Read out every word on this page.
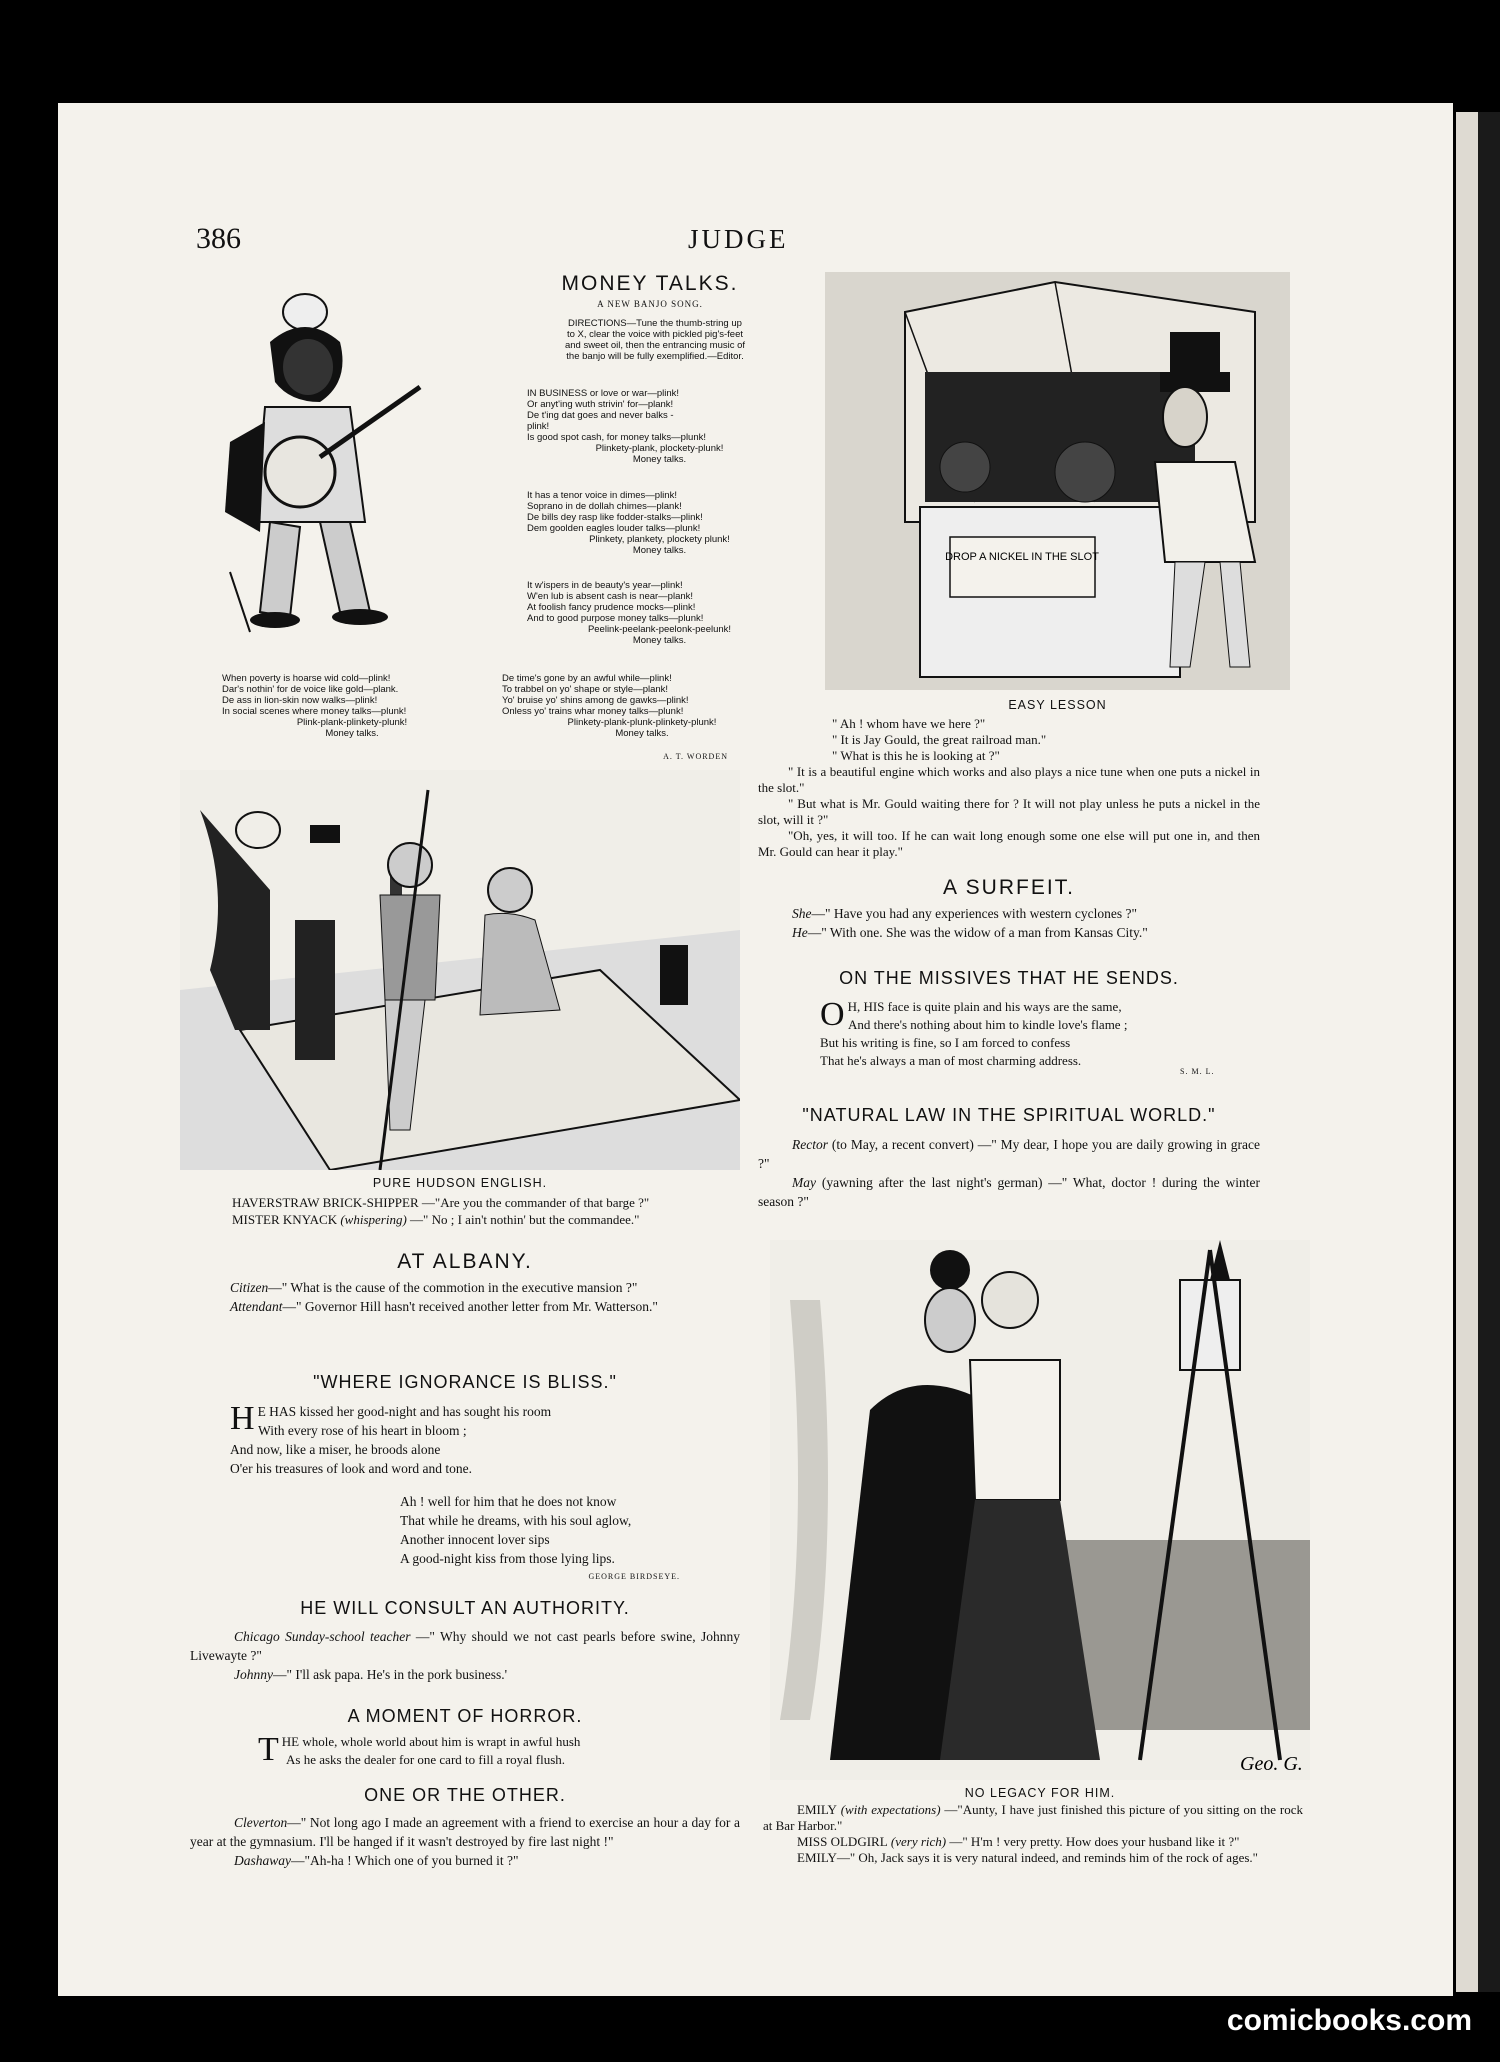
386	JUDGE
MONEY TALKS.
A NEW BANJO SONG.
DIRECTIONS—Tune the thumb-string up
to X, clear the voice with pickled pig's-feet
and sweet oil, then the entrancing music of
the banjo will be fully exemplified.—Editor.
IN BUSINESS or love or war—plink!
Or anyt'ing wuth strivin' for—plank!
De t'ing dat goes and never balks -
plink!
Is good spot cash, for money talks—plunk!
Plinkety-plank, plockety-plunk!
Money talks.
It has a tenor voice in dimes—plink!
Soprano in de dollah chimes—plank!
De bills dey rasp like fodder-stalks—plink!
Dem goolden eagles louder talks—plunk!
Plinkety, plankety, plockety plunk!
Money talks.
It w'ispers in de beauty's year—plink!
W'en lub is absent cash is near—plank!
At foolish fancy prudence mocks—plink!
And to good purpose money talks—plunk!
Peelink-peelank-peelonk-peelunk!
Money talks.
When poverty is hoarse wid cold—plink!
Dar's nothin' for de voice like gold—plank.
De ass in lion-skin now walks—plink!
In social scenes where money talks—plunk!
Plink-plank-plinkety-plunk!
Money talks.
De time's gone by an awful while—plink!
To trabbel on yo' shape or style—plank!
Yo' bruise yo' shins among de gawks—plink!
Onless yo' trains whar money talks—plunk!
Plinkety-plank-plunk-plinkety-plunk!
Money talks.
A. T. WORDEN
DROP A NICKEL IN THE SLOT
EASY LESSON
" Ah ! whom have we here ?"
" It is Jay Gould, the great railroad man."
" What is this he is looking at ?"

" It is a beautiful engine which works and also plays a nice tune when one puts a nickel in the slot."

" But what is Mr. Gould waiting there for ? It will not play unless he puts a nickel in the slot, will it ?"

"Oh, yes, it will too. If he can wait long enough some one else will put one in, and then Mr. Gould can hear it play."

A SURFEIT.

She—" Have you had any experiences with western cyclones ?"

He—" With one. She was the widow of a man from Kansas City."

ON THE MISSIVES THAT HE SENDS.
O H, HIS face is quite plain and his ways are the same,
And there's nothing about him to kindle love's flame ;
But his writing is fine, so I am forced to confess
That he's always a man of most charming address.
S. M. L.
"NATURAL LAW IN THE SPIRITUAL WORLD."

Rector (to May, a recent convert) —" My dear, I hope you are daily growing in grace ?"

May (yawning after the last night's german) —" What, doctor ! during the winter season ?"

PURE HUDSON ENGLISH.

HAVERSTRAW BRICK-SHIPPER —"Are you the commander of that barge ?"

MISTER KNYACK (whispering) —" No ; I ain't nothin' but the commandee."

AT ALBANY.

Citizen—" What is the cause of the commotion in the executive mansion ?"

Attendant—" Governor Hill hasn't received another letter from Mr. Watterson."

"WHERE IGNORANCE IS BLISS."
H E HAS kissed her good-night and has sought his room
With every rose of his heart in bloom ;
And now, like a miser, he broods alone
O'er his treasures of look and word and tone.
Ah ! well for him that he does not know
That while he dreams, with his soul aglow,
Another innocent lover sips
A good-night kiss from those lying lips.
GEORGE BIRDSEYE.
HE WILL CONSULT AN AUTHORITY.

Chicago Sunday-school teacher —" Why should we not cast pearls before swine, Johnny Livewayte ?"

Johnny—" I'll ask papa. He's in the pork business.'

A MOMENT OF HORROR.
T HE whole, whole world about him is wrapt in awful hush
As he asks the dealer for one card to fill a royal flush.
ONE OR THE OTHER.

Cleverton—" Not long ago I made an agreement with a friend to exercise an hour a day for a year at the gymnasium. I'll be hanged if it wasn't destroyed by fire last night !"

Dashaway—"Ah-ha ! Which one of you burned it ?"

Geo. G.
NO LEGACY FOR HIM.

EMILY (with expectations) —"Aunty, I have just finished this picture of you sitting on the rock at Bar Harbor."

MISS OLDGIRL (very rich) —" H'm ! very pretty. How does your husband like it ?"

EMILY—" Oh, Jack says it is very natural indeed, and reminds him of the rock of ages."

comicbooks.com
